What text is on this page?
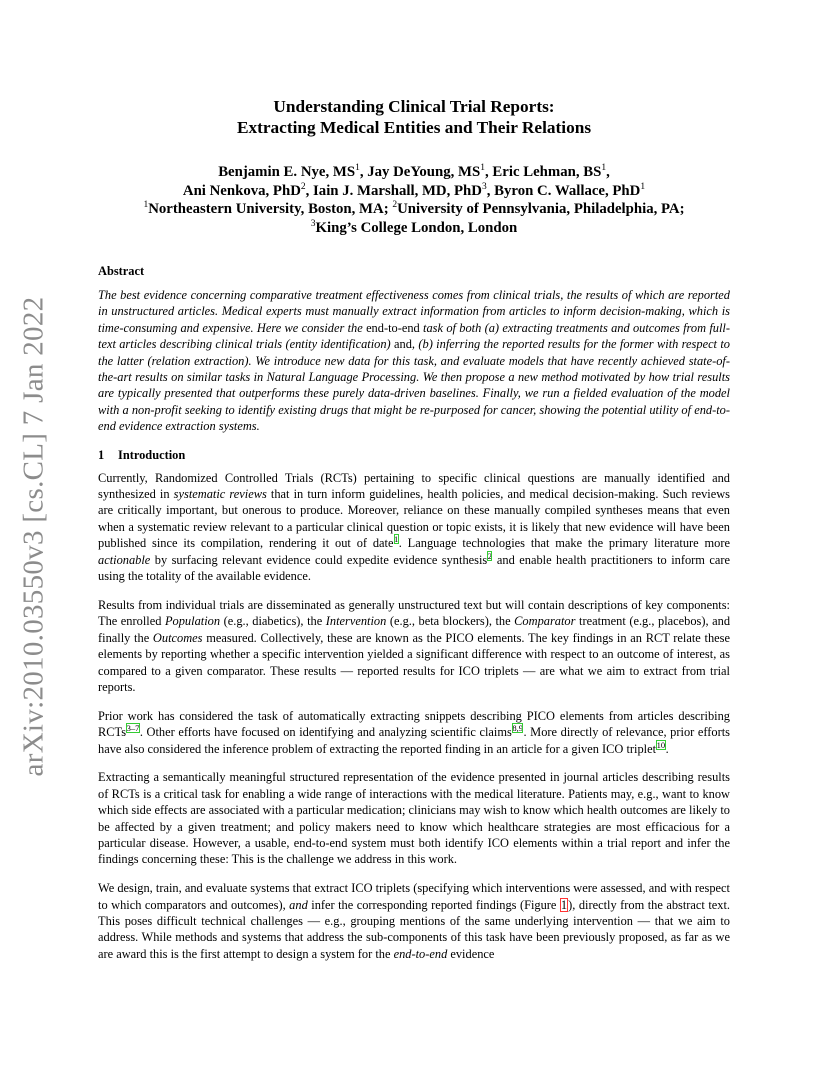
arXiv:2010.03550v3 [cs.CL] 7 Jan 2022
Understanding Clinical Trial Reports:
Extracting Medical Entities and Their Relations
Benjamin E. Nye, $MS^1$, Jay DeYoung, $MS^1$, Eric Lehman, $BS^1$,
Ani Nenkova, PhD$^2$, Iain J. Marshall, MD, PhD$^3$, Byron C. Wallace, PhD$^1$
$^1$Northeastern University, Boston, MA; $^2$University of Pennsylvania, Philadelphia, PA;
$^3$King’s College London, London
Abstract
The best evidence concerning comparative treatment effectiveness comes from clinical trials, the results of which are reported in unstructured articles. Medical experts must manually extract information from articles to inform decision-making, which is time-consuming and expensive. Here we consider the end-to-end task of both (a) extracting treatments and outcomes from full-text articles describing clinical trials (entity identification) and, (b) inferring the reported results for the former with respect to the latter (relation extraction). We introduce new data for this task, and evaluate models that have recently achieved state-of-the-art results on similar tasks in Natural Language Processing. We then propose a new method motivated by how trial results are typically presented that outperforms these purely data-driven baselines. Finally, we run a fielded evaluation of the model with a non-profit seeking to identify existing drugs that might be re-purposed for cancer, showing the potential utility of end-to-end evidence extraction systems.
1 Introduction

Currently, Randomized Controlled Trials (RCTs) pertaining to specific clinical questions are manually identified and synthesized in systematic reviews that in turn inform guidelines, health policies, and medical decision-making. Such reviews are critically important, but onerous to produce. Moreover, reliance on these manually compiled syntheses means that even when a systematic review relevant to a particular clinical question or topic exists, it is likely that new evidence will have been published since its compilation, rendering it out of date$^1$. Language technologies that make the primary literature more actionable by surfacing relevant evidence could expedite evidence synthesis$^2$ and enable health practitioners to inform care using the totality of the available evidence.

Results from individual trials are disseminated as generally unstructured text but will contain descriptions of key components: The enrolled Population (e.g., diabetics), the Intervention (e.g., beta blockers), the Comparator treatment (e.g., placebos), and finally the Outcomes measured. Collectively, these are known as the PICO elements. The key findings in an RCT relate these elements by reporting whether a specific intervention yielded a significant difference with respect to an outcome of interest, as compared to a given comparator. These results — reported results for ICO triplets — are what we aim to extract from trial reports.

Prior work has considered the task of automatically extracting snippets describing PICO elements from articles describing RCTs$^{3-7}$. Other efforts have focused on identifying and analyzing scientific claims$^{8,9}$. More directly of relevance, prior efforts have also considered the inference problem of extracting the reported finding in an article for a given ICO triplet$^{10}$.

Extracting a semantically meaningful structured representation of the evidence presented in journal articles describing results of RCTs is a critical task for enabling a wide range of interactions with the medical literature. Patients may, e.g., want to know which side effects are associated with a particular medication; clinicians may wish to know which health outcomes are likely to be affected by a given treatment; and policy makers need to know which healthcare strategies are most efficacious for a particular disease. However, a usable, end-to-end system must both identify ICO elements within a trial report and infer the findings concerning these: This is the challenge we address in this work.

We design, train, and evaluate systems that extract ICO triplets (specifying which interventions were assessed, and with respect to which comparators and outcomes), and infer the corresponding reported findings (Figure 1), directly from the abstract text. This poses difficult technical challenges — e.g., grouping mentions of the same underlying intervention — that we aim to address. While methods and systems that address the sub-components of this task have been previously proposed, as far as we are award this is the first attempt to design a system for the end-to-end evidence
